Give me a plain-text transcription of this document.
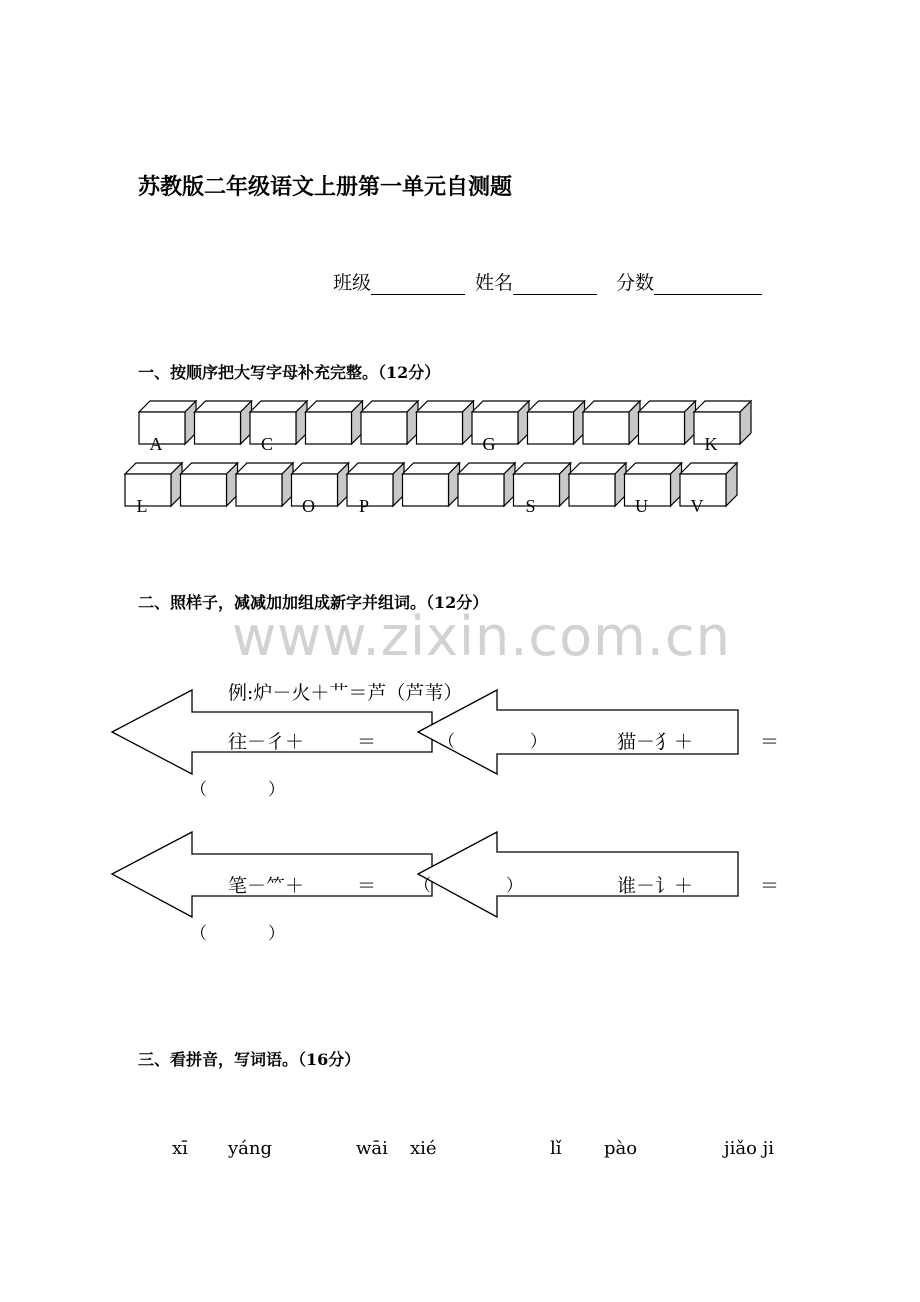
苏教版二年级语文上册第一单元自测题
班级	姓名	分数
一、按顺序把大写字母补充完整。（12分）
A	C	G	K
L	O P	S	U V
二、照样子，减减加加组成新字并组词。（12分）
www.zixin.com.cn
例:炉－火＋艹＝芦（芦苇）
往－彳＋	＝	（	）	猫－犭＋	＝
（	）
笔－⺮＋	＝ （	）	谁－讠＋	＝
（	）
三、看拼音，写词语。（16分）
xī yáng	wāi xié	lǐ pào	jiǎo ji
